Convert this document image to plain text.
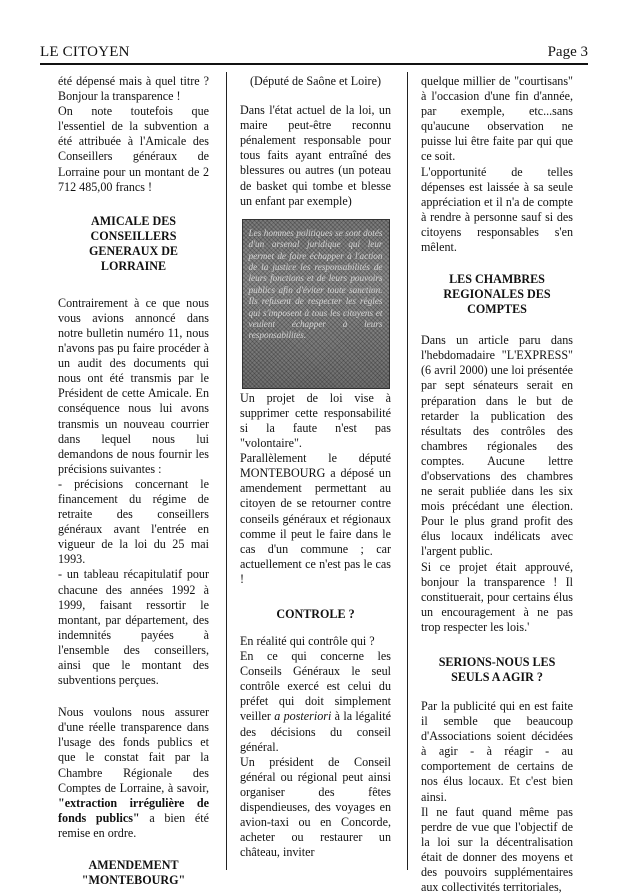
LE CITOYEN	Page 3

été dépensé mais à quel titre ? Bonjour la transparence !

On note toutefois que l'essentiel de la subvention a été attribuée à l'Amicale des Conseillers généraux de Lorraine pour un montant de 2 712 485,00 francs !

AMICALE DES CONSEILLERS GENERAUX DE LORRAINE

Contrairement à ce que nous vous avions annoncé dans notre bulletin numéro 11, nous n'avons pas pu faire procéder à un audit des documents qui nous ont été transmis par le Président de cette Amicale. En conséquence nous lui avons transmis un nouveau courrier dans lequel nous lui demandons de nous fournir les précisions suivantes :

- précisions concernant le financement du régime de retraite des conseillers généraux avant l'entrée en vigueur de la loi du 25 mai 1993.

- un tableau récapitulatif pour chacune des années 1992 à 1999, faisant ressortir le montant, par département, des indemnités payées à l'ensemble des conseillers, ainsi que le montant des subventions perçues.

Nous voulons nous assurer d'une réelle transparence dans l'usage des fonds publics et que le constat fait par la Chambre Régionale des Comptes de Lorraine, à savoir, "extraction irrégulière de fonds publics" a bien été remise en ordre.

AMENDEMENT
"MONTEBOURG"

(Député de Saône et Loire)

Dans l'état actuel de la loi, un maire peut-être reconnu pénalement responsable pour tous faits ayant entraîné des blessures ou autres (un poteau de basket qui tombe et blesse un enfant par exemple)

Les hommes politiques se sont dotés d'un arsenal juridique qui leur permet de faire échapper à l'action de la justice les responsabilités de leurs fonctions et de leurs pouvoirs publics afin d'éviter toute sanction. Ils refusent de respecter les règles qui s'imposent à tous les citoyens et veulent échapper à leurs responsabilités.

Un projet de loi vise à supprimer cette responsabilité si la faute n'est pas "volontaire".

Parallèlement le député MONTEBOURG a déposé un amendement permettant au citoyen de se retourner contre conseils généraux et régionaux comme il peut le faire dans le cas d'un commune ; car actuellement ce n'est pas le cas !

CONTROLE ?

En réalité qui contrôle qui ?

En ce qui concerne les Conseils Généraux le seul contrôle exercé est celui du préfet qui doit simplement veiller a posteriori à la légalité des décisions du conseil général.

Un président de Conseil général ou régional peut ainsi organiser des fêtes dispendieuses, des voyages en avion-taxi ou en Concorde, acheter ou restaurer un château, inviter

quelque millier de "courtisans" à l'occasion d'une fin d'année, par exemple, etc...sans qu'aucune observation ne puisse lui être faite par qui que ce soit.

L'opportunité de telles dépenses est laissée à sa seule appréciation et il n'a de compte à rendre à personne sauf si des citoyens responsables s'en mêlent.

LES CHAMBRES REGIONALES DES COMPTES

Dans un article paru dans l'hebdomadaire "L'EXPRESS" (6 avril 2000) une loi présentée par sept sénateurs serait en préparation dans le but de retarder la publication des résultats des contrôles des chambres régionales des comptes. Aucune lettre d'observations des chambres ne serait publiée dans les six mois précédant une élection. Pour le plus grand profit des élus locaux indélicats avec l'argent public.

Si ce projet était approuvé, bonjour la transparence ! Il constituerait, pour certains élus un encouragement à ne pas trop respecter les lois.'

SERIONS-NOUS LES SEULS A AGIR ?

Par la publicité qui en est faite il semble que beaucoup d'Associations soient décidées à agir - à réagir - au comportement de certains de nos élus locaux. Et c'est bien ainsi.

Il ne faut quand même pas perdre de vue que l'objectif de la loi sur la décentralisation était de donner des moyens et des pouvoirs supplémentaires aux collectivités territoriales,
